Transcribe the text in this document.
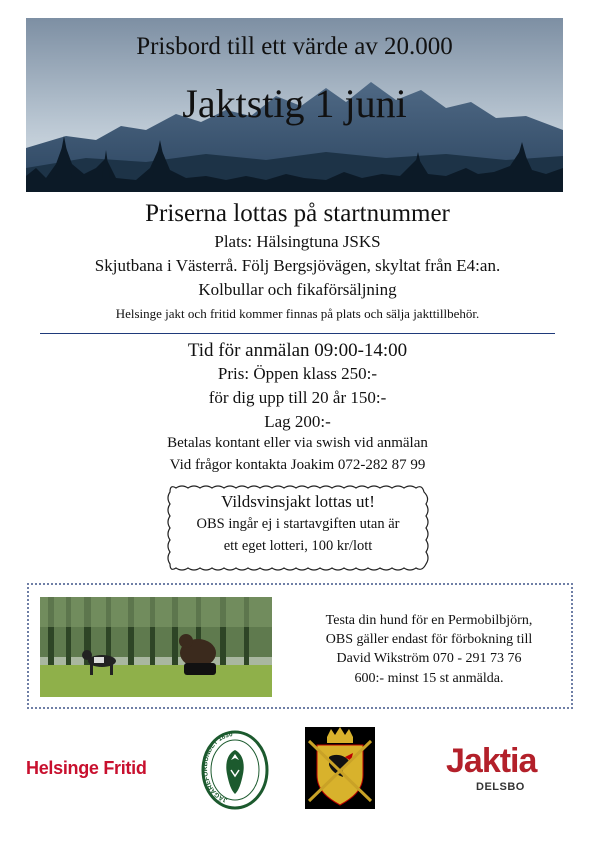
Prisbord till ett värde av 20.000
Jaktstig 1 juni
Priserna lottas på startnummer
Plats: Hälsingtuna JSKS
Skjutbana i Västerrå. Följ Bergsjövägen, skyltat från E4:an.
Kolbullar och fikaförsäljning
Helsinge jakt och fritid kommer finnas på plats och sälja jakttillbehör.
Tid för anmälan 09:00-14:00
Pris: Öppen klass 250:-
för dig upp till 20 år 150:-
Lag 200:-
Betalas kontant eller via swish vid anmälan
Vid frågor kontakta Joakim 072-282 87 99
Vildsvinsjakt lottas ut!
OBS ingår ej i startavgiften utan är
ett eget lotteri, 100 kr/lott
Testa din hund för en Permobilbjörn,
OBS gäller endast för förbokning till
David Wikström 070 - 291 73 76
600:- minst 15 st anmälda.
Helsinge Fritid
JÄGAREFÖRBUNDET 1830
Jaktia
DELSBO
